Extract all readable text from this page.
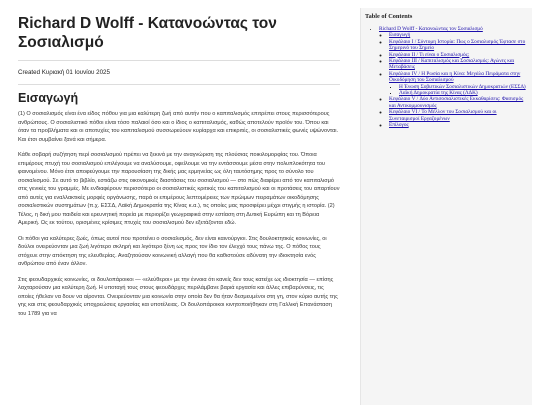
Richard D Wolff - Κατανοώντας τον Σοσιαλισμό
Created Κυριακή 01 Ιουνίου 2025
Εισαγωγή

(1) Ο σοσιαλισμός είναι ένα είδος πόθου για μια καλύτερη ζωή από αυτήν που ο καπιταλισμός επιτρέπει στους περισσότερους ανθρώπους. Ο σοσιαλιστικό πόθοι είναι τόσο παλαιοί όσο και ο ίδιος ο καπιταλισμός, καθώς αποτελούν προϊόν του. Όπου και όταν τα προβλήματα και οι αποτυχίες του καπιταλισμού συσσωρεύουν κυρίαρχα και επικριτές, οι σοσιαλιστικές φωνές υψώνονται. Και έτσι συμβαίνει ξανά και σήμερα.

Κάθε σοβαρή συζήτηση περί σοσιαλισμού πρέπει να ξεκινά με την αναγνώριση της πλούσιας ποικιλομορφίας του. Όποια επιμέρους πτυχή του σοσιαλισμού επιλέγουμε να αναλύσουμε, οφείλουμε να την εντάσσουμε μέσα στην πολυπλοκότητα του φαινομένου. Μόνο έτσι αποφεύγουμε την παρουσίαση της δικής μας ερμηνείας ως όλη ταυτόσημης προς το σύνολο του σοσιαλισμού. Σε αυτό το βιβλίο, εστιάζω στις οικονομικές διαστάσεις του σοσιαλισμού — στο πώς διαφέρει από τον καπιταλισμό στις γενικές του γραμμές. Με ενδιαφέρουν περισσότερο οι σοσιαλιστικές κριτικές του καπιταλισμού και οι προτάσεις του απαρτίουν από αυτές για εναλλακτικές μορφές οργάνωσης, παρά οι επιμέρους λεπτομέρειες των πρώιμων πειραμάτων οικοδόμησης σοσιαλιστικών συστημάτων (π.χ. ΕΣΣΔ, Λαϊκή Δημοκρατία της Κίνας κ.α.), τις οποίες μας προσφέρει μέχρι στιγμής η ιστορία. (2) Τέλος, η δική μου παιδεία και ερευνητική πορεία με περιορίζει γεωγραφικά στην εστίαση στη Δυτική Ευρώπη και τη Βόρεια Αμερική. Ως εκ τούτου, ορισμένες κρίσιμες πτυχές του σοσιαλισμού δεν εξετάζονται εδώ.

Οι πόθοι για καλύτερες ζωές, όπως αυτοί που προτείνει ο σοσιαλισμός, δεν είναι καινούργιοι. Στις δουλοκτητικές κοινωνίες, οι δούλοι ονειρεύονταν μια ζωή λιγότερο σκληρή και λιγότερο ξένη ως προς τον ίδιο τον έλεγχό τους πάνω της. Ο πόθος τους στόχευε στην απόκτηση της ελευθερίας. Αναζητούσαν κοινωνική αλλαγή που θα καθιστούσε αδύνατη την ιδιοκτησία ενός ανθρώπου από έναν άλλον.

Στις φεουδαρχικές κοινωνίες, οι δουλοπάροικοι — «ελεύθεροι» με την έννοια ότι κανείς δεν τους κατείχε ως ιδιοκτησία — επίσης λαχταρούσαν μια καλύτερη ζωή. Η υποταγή τους στους φεουδάρχες περιλάμβανε βαριά εργασία και άλλες επιβαρύνσεις, τις οποίες ήθελαν να δουν να αίρονται. Ονειρεύονταν μια κοινωνία στην οποία δεν θα ήταν δεσμευμένοι στη γη, στον κύριο αυτής της γης και στις φεουδαρχικές υποχρεώσεις εργασίας και υποτέλειας. Οι δουλοπάροικοι κινητοποιήθηκαν στη Γαλλική Επανάσταση του 1789 για να

Table of Contents
• Richard D Wolff - Κατανοώντας τον Σοσιαλισμό
◦ Εισαγωγή
◦ Κεφάλαιο I / Σύντομη Ιστορία: Πως ο Σοσιαλισμός Έφτασε στο Σημερινό του Σημείο
◦ Κεφάλαιο II / Τι είναι ο Σοσιαλισμός;
◦ Κεφάλαιο III / Καπιταλισμός και Σοσιαλισμός: Αγώνες και Μεταβάσεις
◦ Κεφάλαιο IV / Η Ρωσία και η Κίνα: Μεγάλα Πειράματα στην Οικοδόμηση του Σοσιαλισμού
▪ Η Ένωση Σοβιετικών Σοσιαλιστικών Δημοκρατιών (ΕΣΣΔ)
▪ Λαϊκή Δημοκρατία της Κίνας (ΛΔΚ)
◦ Κεφάλαιο V / Δύο Αντισοσιαλιστικές Εκκαθαρίσεις: Φασισμός και Αντικομμουνισμός
◦ Κεφάλαιο VI / Το Μέλλον του Σοσιαλισμού και οι Συνεταιρισμοί Εργαζομένων
◦ Επίλογος
